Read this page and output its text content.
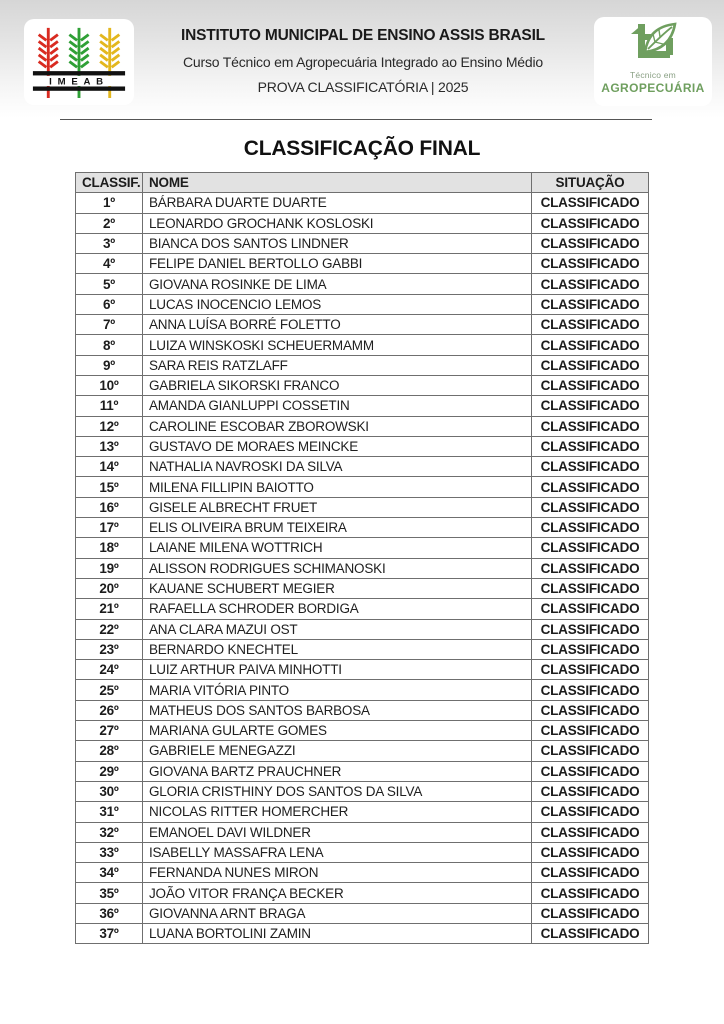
IMEAB
INSTITUTO MUNICIPAL DE ENSINO ASSIS BRASIL
Curso Técnico em Agropecuária Integrado ao Ensino Médio
PROVA CLASSIFICATÓRIA | 2025
Técnico em
AGROPECUÁRIA
CLASSIFICAÇÃO FINAL
CLASSIF.	NOME	SITUAÇÃO
1º	BÁRBARA DUARTE DUARTE	CLASSIFICADO
2º	LEONARDO GROCHANK KOSLOSKI	CLASSIFICADO
3º	BIANCA DOS SANTOS LINDNER	CLASSIFICADO
4º	FELIPE DANIEL BERTOLLO GABBI	CLASSIFICADO
5º	GIOVANA ROSINKE DE LIMA	CLASSIFICADO
6º	LUCAS INOCENCIO LEMOS	CLASSIFICADO
7º	ANNA LUÍSA BORRÉ FOLETTO	CLASSIFICADO
8º	LUIZA WINSKOSKI SCHEUERMAMM	CLASSIFICADO
9º	SARA REIS RATZLAFF	CLASSIFICADO
10º	GABRIELA SIKORSKI FRANCO	CLASSIFICADO
11º	AMANDA GIANLUPPI COSSETIN	CLASSIFICADO
12º	CAROLINE ESCOBAR ZBOROWSKI	CLASSIFICADO
13º	GUSTAVO DE MORAES MEINCKE	CLASSIFICADO
14º	NATHALIA NAVROSKI DA SILVA	CLASSIFICADO
15º	MILENA FILLIPIN BAIOTTO	CLASSIFICADO
16º	GISELE ALBRECHT FRUET	CLASSIFICADO
17º	ELIS OLIVEIRA BRUM TEIXEIRA	CLASSIFICADO
18º	LAIANE MILENA WOTTRICH	CLASSIFICADO
19º	ALISSON RODRIGUES SCHIMANOSKI	CLASSIFICADO
20º	KAUANE SCHUBERT MEGIER	CLASSIFICADO
21º	RAFAELLA SCHRODER BORDIGA	CLASSIFICADO
22º	ANA CLARA MAZUI OST	CLASSIFICADO
23º	BERNARDO KNECHTEL	CLASSIFICADO
24º	LUIZ ARTHUR PAIVA MINHOTTI	CLASSIFICADO
25º	MARIA VITÓRIA PINTO	CLASSIFICADO
26º	MATHEUS DOS SANTOS BARBOSA	CLASSIFICADO
27º	MARIANA GULARTE GOMES	CLASSIFICADO
28º	GABRIELE MENEGAZZI	CLASSIFICADO
29º	GIOVANA BARTZ PRAUCHNER	CLASSIFICADO
30º	GLORIA CRISTHINY DOS SANTOS DA SILVA	CLASSIFICADO
31º	NICOLAS RITTER HOMERCHER	CLASSIFICADO
32º	EMANOEL DAVI WILDNER	CLASSIFICADO
33º	ISABELLY MASSAFRA LENA	CLASSIFICADO
34º	FERNANDA NUNES MIRON	CLASSIFICADO
35º	JOÃO VITOR FRANÇA BECKER	CLASSIFICADO
36º	GIOVANNA ARNT BRAGA	CLASSIFICADO
37º	LUANA BORTOLINI ZAMIN	CLASSIFICADO
